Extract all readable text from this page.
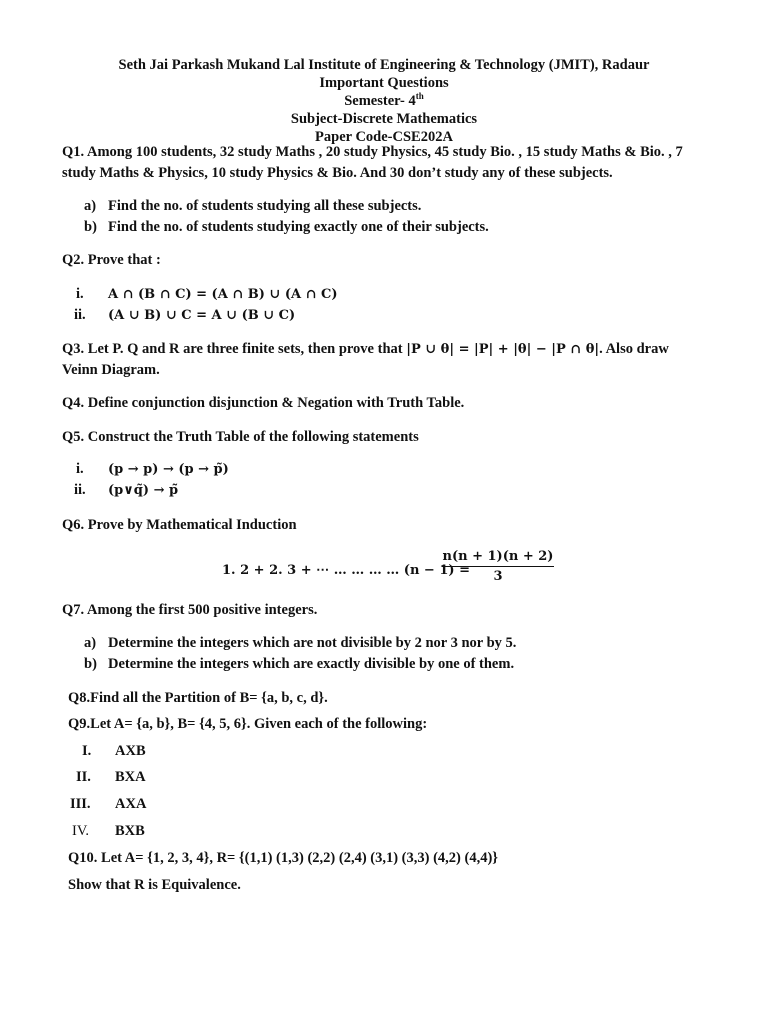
Seth Jai Parkash Mukand Lal Institute of Engineering & Technology (JMIT), Radaur
Important Questions
Semester- 4th
Subject-Discrete Mathematics
Paper Code-CSE202A
Q1. Among 100 students, 32 study Maths , 20 study Physics, 45 study Bio. , 15 study Maths & Bio. , 7
study Maths & Physics, 10 study Physics & Bio. And 30 don’t study any of these subjects.
a) Find the no. of students studying all these subjects.
b) Find the no. of students studying exactly one of their subjects.
Q2. Prove that :
i. 𝐀 ∩ (𝐁 ∩ 𝐂) = (𝐀 ∩ 𝐁) ∪ (𝐀 ∩ 𝐂)
ii. (𝐀 ∪ 𝐁) ∪ 𝐂 = 𝐀 ∪ (𝐁 ∪ 𝐂)
Q3. Let P. Q and R are three finite sets, then prove that |𝐏 ∪ 𝛉| = |𝐏| + |𝛉| − |𝐏 ∩ 𝛉|. Also draw
Veinn Diagram.
Q4. Define conjunction disjunction & Negation with Truth Table.
Q5. Construct the Truth Table of the following statements
i. (𝐩 → 𝐩) → (𝐩 → 𝐩̃)
ii. (𝐩∨𝐪̃) → 𝐩̃
Q6. Prove by Mathematical Induction
𝟏. 𝟐 + 𝟐. 𝟑 + ⋯ … … … … (𝐧 − 𝟏) =
𝐧(𝐧 + 𝟏)(𝐧 + 𝟐)
𝟑
Q7. Among the first 500 positive integers.
a) Determine the integers which are not divisible by 2 nor 3 nor by 5.
b) Determine the integers which are exactly divisible by one of them.
Q8.Find all the Partition of B= {a, b, c, d}.
Q9.Let A= {a, b}, B= {4, 5, 6}. Given each of the following:
I. AXB
II. BXA
III. AXA
IV. BXB
Q10. Let A= {1, 2, 3, 4}, R= {(1,1) (1,3) (2,2) (2,4) (3,1) (3,3) (4,2) (4,4)}
Show that R is Equivalence.
